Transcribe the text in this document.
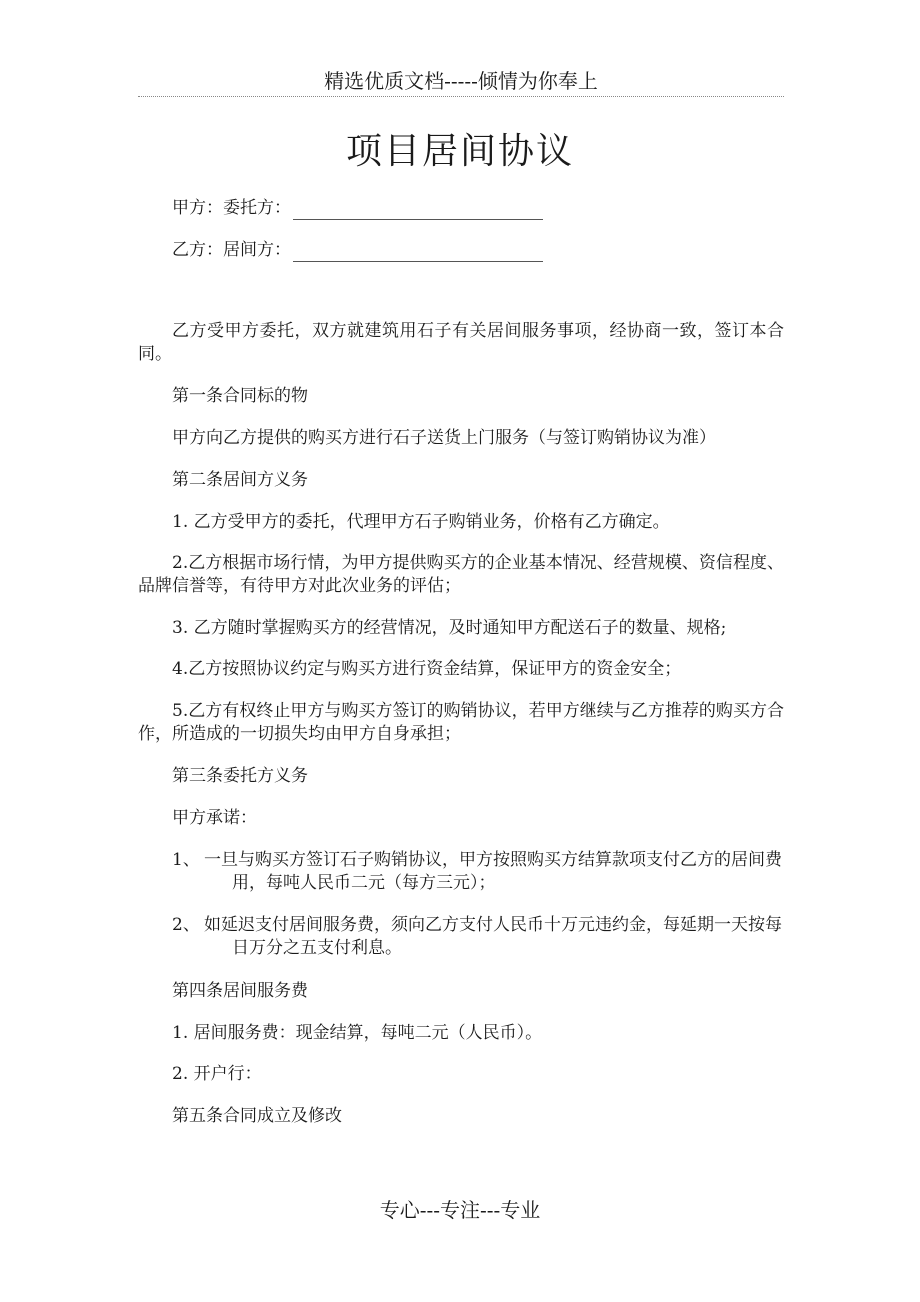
精选优质文档-----倾情为你奉上
项目居间协议
甲方：委托方：
乙方：居间方：

乙方受甲方委托，双方就建筑用石子有关居间服务事项，经协商一致，签订本合同。

第一条合同标的物

甲方向乙方提供的购买方进行石子送货上门服务（与签订购销协议为准）

第二条居间方义务

1. 乙方受甲方的委托，代理甲方石子购销业务，价格有乙方确定。

2.乙方根据市场行情，为甲方提供购买方的企业基本情况、经营规模、资信程度、品牌信誉等，有待甲方对此次业务的评估；

3. 乙方随时掌握购买方的经营情况，及时通知甲方配送石子的数量、规格;

4.乙方按照协议约定与购买方进行资金结算，保证甲方的资金安全；

5.乙方有权终止甲方与购买方签订的购销协议，若甲方继续与乙方推荐的购买方合作，所造成的一切损失均由甲方自身承担；

第三条委托方义务

甲方承诺：

1、 一旦与购买方签订石子购销协议，甲方按照购买方结算款项支付乙方的居间费用，每吨人民币二元（每方三元）；
2、 如延迟支付居间服务费，须向乙方支付人民币十万元违约金，每延期一天按每日万分之五支付利息。

第四条居间服务费

1. 居间服务费：现金结算，每吨二元（人民币）。

2. 开户行：

第五条合同成立及修改

专心---专注---专业
